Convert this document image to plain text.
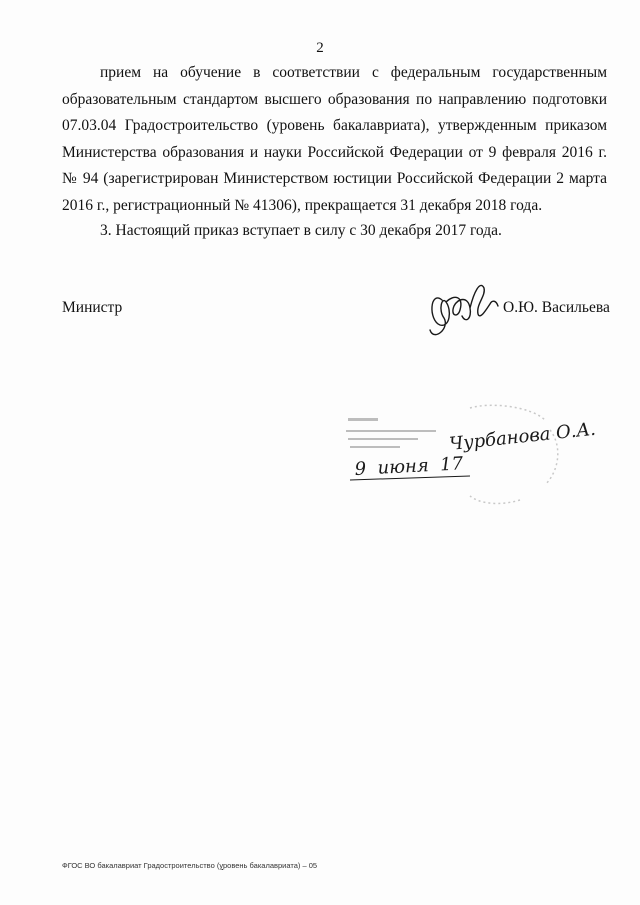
2
прием на обучение в соответствии с федеральным государственным образовательным стандартом высшего образования по направлению подготовки 07.03.04 Градостроительство (уровень бакалавриата), утвержденным приказом Министерства образования и науки Российской Федерации от 9 февраля 2016 г. № 94 (зарегистрирован Министерством юстиции Российской Федерации 2 марта 2016 г., регистрационный № 41306), прекращается 31 декабря 2018 года.
3. Настоящий приказ вступает в силу с 30 декабря 2017 года.
Министр	О.Ю. Васильева
Чурбанова О.А.
9  июня  17
ФГОС ВО бакалавриат Градостроительство (уровень бакалавриата) – 05
